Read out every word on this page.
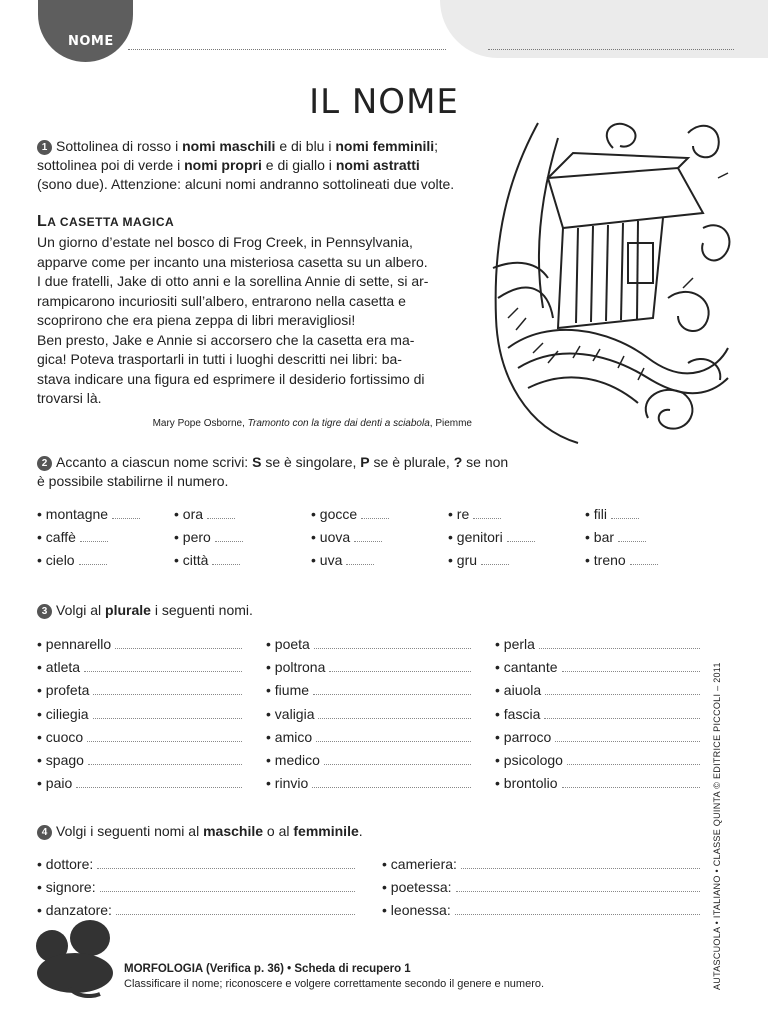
NOME
IL NOME
1 Sottolinea di rosso i nomi maschili e di blu i nomi femminili;
sottolinea poi di verde i nomi propri e di giallo i nomi astratti
(sono due). Attenzione: alcuni nomi andranno sottolineati due volte.
LA CASETTA MAGICA
Un giorno d’estate nel bosco di Frog Creek, in Pennsylvania,
apparve come per incanto una misteriosa casetta su un albero.
I due fratelli, Jake di otto anni e la sorellina Annie di sette, si ar-
rampicarono incuriositi sull’albero, entrarono nella casetta e
scoprirono che era piena zeppa di libri meravigliosi!
Ben presto, Jake e Annie si accorsero che la casetta era ma-
gica! Poteva trasportarli in tutti i luoghi descritti nei libri: ba-
stava indicare una figura ed esprimere il desiderio fortissimo di
trovarsi là.
Mary Pope Osborne, Tramonto con la tigre dai denti a sciabola, Piemme
2 Accanto a ciascun nome scrivi: S se è singolare, P se è plurale, ? se non
è possibile stabilirne il numero.
• montagne
• caffè
• cielo
• ora
• pero
• città
• gocce
• uova
• uva
• re
• genitori
• gru
• fili
• bar
• treno
3 Volgi al plurale i seguenti nomi.
• pennarello
• atleta
• profeta
• ciliegia
• cuoco
• spago
• paio
• poeta
• poltrona
• fiume
• valigia
• amico
• medico
• rinvio
• perla
• cantante
• aiuola
• fascia
• parroco
• psicologo
• brontolio
4 Volgi i seguenti nomi al maschile o al femminile.
• dottore:
• signore:
• danzatore:
• cameriera:
• poetessa:
• leonessa:
MORFOLOGIA (Verifica p. 36) • Scheda di recupero 1
Classificare il nome; riconoscere e volgere correttamente secondo il genere e numero.	AUTASCUOLA • ITALIANO • CLASSE QUINTA © EDITRICE PICCOLI – 2011
